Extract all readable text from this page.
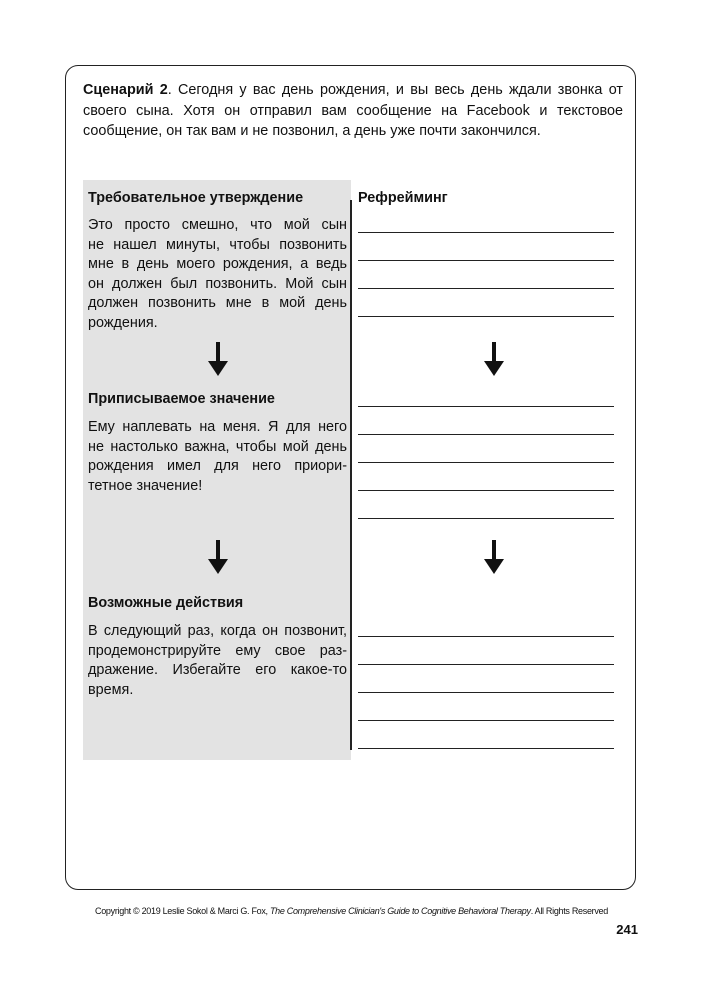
Сценарий 2. Сегодня у вас день рождения, и вы весь день ждали звонка от своего сына. Хотя он отправил вам сообщение на Facebook и текстовое сообщение, он так вам и не позвонил, а день уже почти закончился.

Требовательное утверждение
Это просто смешно, что мой сын
не нашел минуты, чтобы позвонить
мне в день моего рождения, а ведь
он должен был позвонить. Мой сын
должен позвонить мне в мой день
рождения.
Рефрейминг
Приписываемое значение
Ему наплевать на меня. Я для него
не настолько важна, чтобы мой день
рождения имел для него приори-
тетное значение!
Возможные действия
В следующий раз, когда он позвонит,
продемонстрируйте ему свое раз-
дражение. Избегайте его какое-то
время.
Copyright © 2019 Leslie Sokol & Marci G. Fox, The Comprehensive Clinician's Guide to Cognitive Behavioral Therapy. All Rights Reserved
241
